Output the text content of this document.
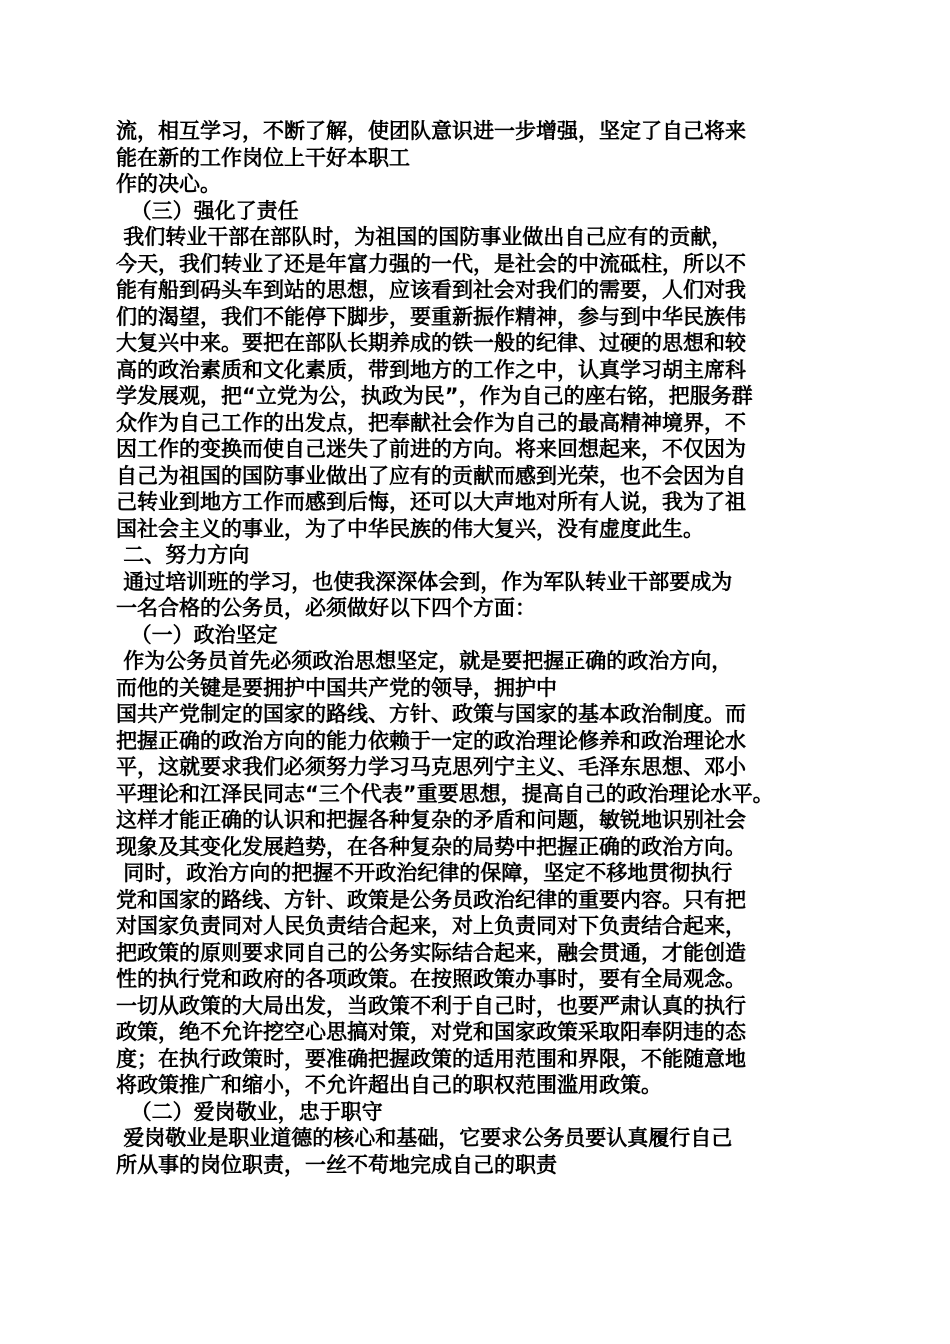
流，相互学习，不断了解，使团队意识进一步增强，坚定了自己将来
能在新的工作岗位上干好本职工
作的决心。
（三）强化了责任
我们转业干部在部队时，为祖国的国防事业做出自己应有的贡献，
今天，我们转业了还是年富力强的一代，是社会的中流砥柱，所以不
能有船到码头车到站的思想，应该看到社会对我们的需要，人们对我
们的渴望，我们不能停下脚步，要重新振作精神，参与到中华民族伟
大复兴中来。要把在部队长期养成的铁一般的纪律、过硬的思想和较
高的政治素质和文化素质，带到地方的工作之中，认真学习胡主席科
学发展观，把“立党为公，执政为民”，作为自己的座右铭，把服务群
众作为自己工作的出发点，把奉献社会作为自己的最高精神境界，不
因工作的变换而使自己迷失了前进的方向。将来回想起来，不仅因为
自己为祖国的国防事业做出了应有的贡献而感到光荣，也不会因为自
己转业到地方工作而感到后悔，还可以大声地对所有人说，我为了祖
国社会主义的事业，为了中华民族的伟大复兴，没有虚度此生。
二、努力方向
通过培训班的学习，也使我深深体会到，作为军队转业干部要成为
一名合格的公务员，必须做好以下四个方面：
（一）政治坚定
作为公务员首先必须政治思想坚定，就是要把握正确的政治方向，
而他的关键是要拥护中国共产党的领导，拥护中
国共产党制定的国家的路线、方针、政策与国家的基本政治制度。而
把握正确的政治方向的能力依赖于一定的政治理论修养和政治理论水
平，这就要求我们必须努力学习马克思列宁主义、毛泽东思想、邓小
平理论和江泽民同志“三个代表”重要思想，提高自己的政治理论水平。
这样才能正确的认识和把握各种复杂的矛盾和问题，敏锐地识别社会
现象及其变化发展趋势，在各种复杂的局势中把握正确的政治方向。
同时，政治方向的把握不开政治纪律的保障，坚定不移地贯彻执行
党和国家的路线、方针、政策是公务员政治纪律的重要内容。只有把
对国家负责同对人民负责结合起来，对上负责同对下负责结合起来，
把政策的原则要求同自己的公务实际结合起来，融会贯通，才能创造
性的执行党和政府的各项政策。在按照政策办事时，要有全局观念。
一切从政策的大局出发，当政策不利于自己时，也要严肃认真的执行
政策，绝不允许挖空心思搞对策，对党和国家政策采取阳奉阴违的态
度；在执行政策时，要准确把握政策的适用范围和界限，不能随意地
将政策推广和缩小，不允许超出自己的职权范围滥用政策。
（二）爱岗敬业，忠于职守
爱岗敬业是职业道德的核心和基础，它要求公务员要认真履行自己
所从事的岗位职责，一丝不苟地完成自己的职责
